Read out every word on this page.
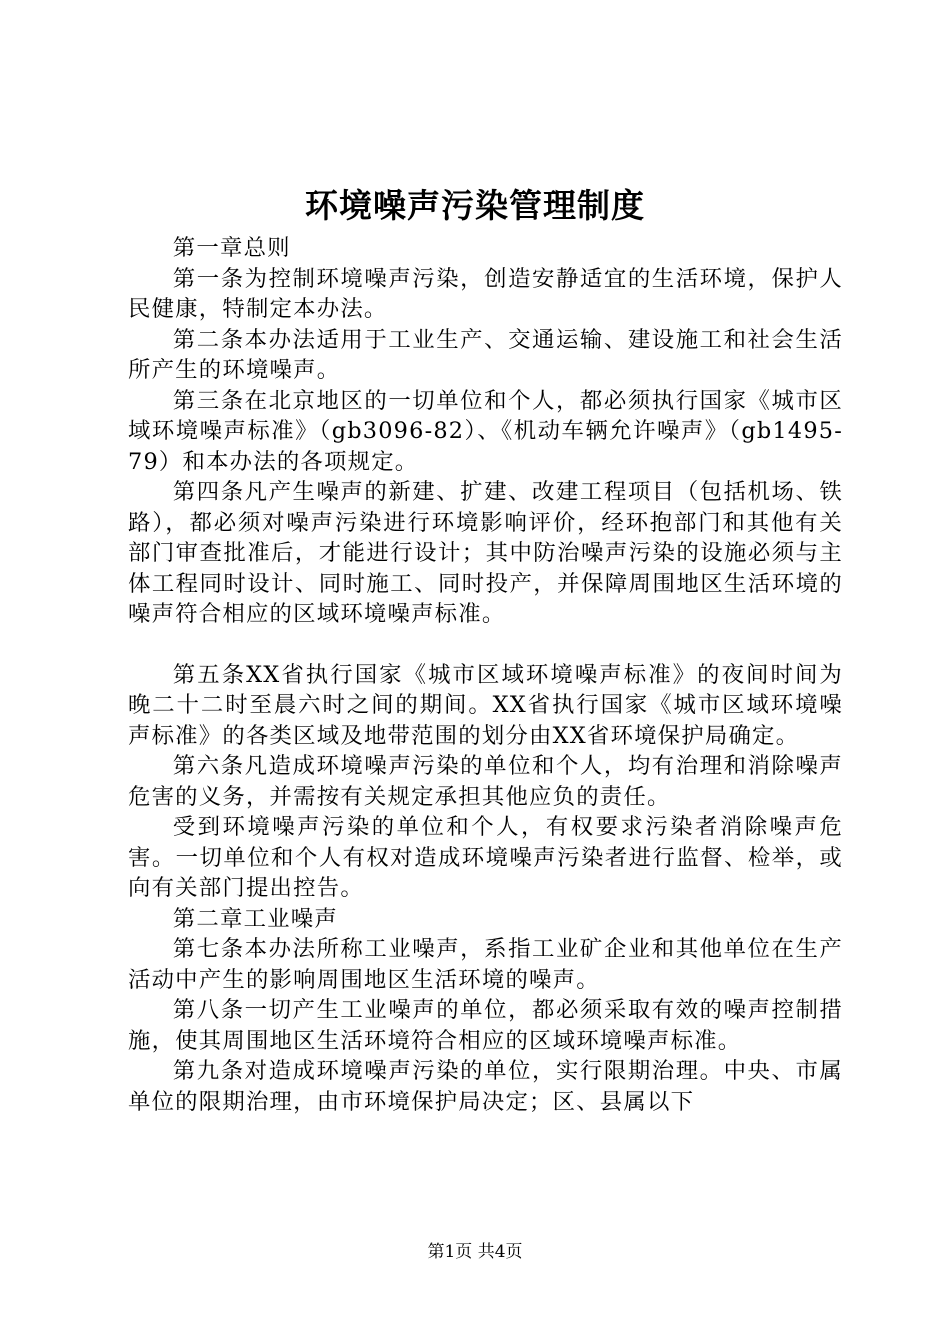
环境噪声污染管理制度

第一章总则

第一条为控制环境噪声污染，创造安静适宜的生活环境，保护人民健康，特制定本办法。

第二条本办法适用于工业生产、交通运输、建设施工和社会生活所产生的环境噪声。

第三条在北京地区的一切单位和个人，都必须执行国家《城市区域环境噪声标准》（gb3096-82）、《机动车辆允许噪声》（gb1495-79）和本办法的各项规定。

第四条凡产生噪声的新建、扩建、改建工程项目（包括机场、铁路），都必须对噪声污染进行环境影响评价，经环抱部门和其他有关部门审查批准后，才能进行设计；其中防治噪声污染的设施必须与主体工程同时设计、同时施工、同时投产，并保障周围地区生活环境的噪声符合相应的区域环境噪声标准。

第五条XX省执行国家《城市区域环境噪声标准》的夜间时间为晚二十二时至晨六时之间的期间。XX省执行国家《城市区域环境噪声标准》的各类区域及地带范围的划分由XX省环境保护局确定。

第六条凡造成环境噪声污染的单位和个人，均有治理和消除噪声危害的义务，并需按有关规定承担其他应负的责任。

受到环境噪声污染的单位和个人，有权要求污染者消除噪声危害。一切单位和个人有权对造成环境噪声污染者进行监督、检举，或向有关部门提出控告。

第二章工业噪声

第七条本办法所称工业噪声，系指工业矿企业和其他单位在生产活动中产生的影响周围地区生活环境的噪声。

第八条一切产生工业噪声的单位，都必须采取有效的噪声控制措施，使其周围地区生活环境符合相应的区域环境噪声标准。

第九条对造成环境噪声污染的单位，实行限期治理。中央、市属单位的限期治理，由市环境保护局决定；区、县属以下

第1页 共4页
